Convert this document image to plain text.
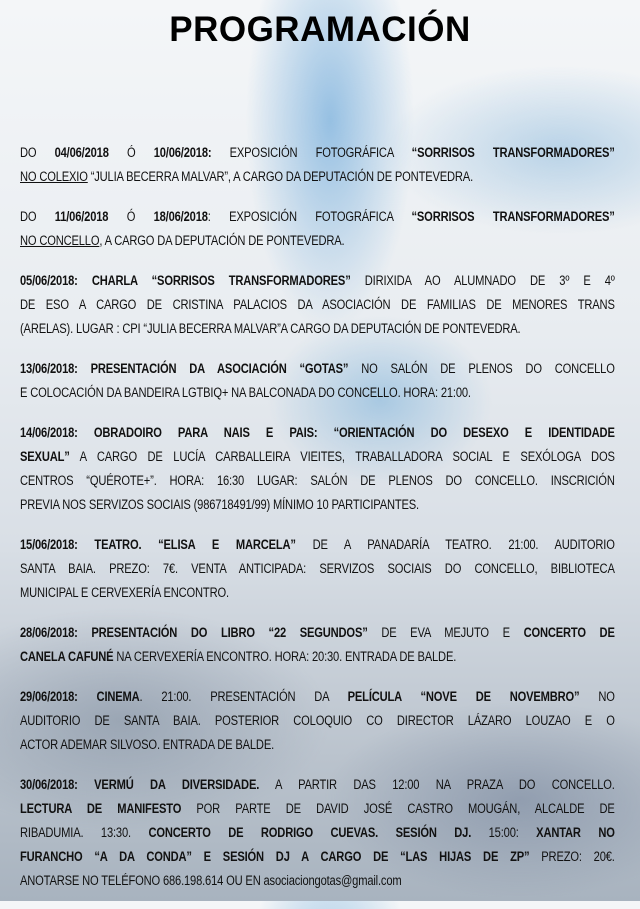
PROGRAMACIÓN
DO 04/06/2018 Ó 10/06/2018: EXPOSICIÓN FOTOGRÁFICA “SORRISOS TRANSFORMADORES”
NO COLEXIO “JULIA BECERRA MALVAR”, A CARGO DA DEPUTACIÓN DE PONTEVEDRA.
DO 11/06/2018 Ó 18/06/2018: EXPOSICIÓN FOTOGRÁFICA “SORRISOS TRANSFORMADORES”
NO CONCELLO, A CARGO DA DEPUTACIÓN DE PONTEVEDRA.
05/06/2018: CHARLA “SORRISOS TRANSFORMADORES” DIRIXIDA AO ALUMNADO DE 3º E 4º
DE ESO A CARGO DE CRISTINA PALACIOS DA ASOCIACIÓN DE FAMILIAS DE MENORES TRANS
(ARELAS). LUGAR : CPI “JULIA BECERRA MALVAR”A CARGO DA DEPUTACIÓN DE PONTEVEDRA.
13/06/2018: PRESENTACIÓN DA ASOCIACIÓN “GOTAS” NO SALÓN DE PLENOS DO CONCELLO
E COLOCACIÓN DA BANDEIRA LGTBIQ+ NA BALCONADA DO CONCELLO. HORA: 21:00.
14/06/2018: OBRADOIRO PARA NAIS E PAIS: “ORIENTACIÓN DO DESEXO E IDENTIDADE
SEXUAL” A CARGO DE LUCÍA CARBALLEIRA VIEITES, TRABALLADORA SOCIAL E SEXÓLOGA DOS
CENTROS “QUÉROTE+”. HORA: 16:30 LUGAR: SALÓN DE PLENOS DO CONCELLO. INSCRICIÓN
PREVIA NOS SERVIZOS SOCIAIS (986718491/99) MÍNIMO 10 PARTICIPANTES.
15/06/2018: TEATRO. “ELISA E MARCELA” DE A PANADARÍA TEATRO. 21:00. AUDITORIO
SANTA BAIA. PREZO: 7€. VENTA ANTICIPADA: SERVIZOS SOCIAIS DO CONCELLO, BIBLIOTECA
MUNICIPAL E CERVEXERÍA ENCONTRO.
28/06/2018: PRESENTACIÓN DO LIBRO “22 SEGUNDOS” DE EVA MEJUTO E CONCERTO DE
CANELA CAFUNÉ NA CERVEXERÍA ENCONTRO. HORA: 20:30. ENTRADA DE BALDE.
29/06/2018: CINEMA. 21:00. PRESENTACIÓN DA PELÍCULA “NOVE DE NOVEMBRO” NO
AUDITORIO DE SANTA BAIA. POSTERIOR COLOQUIO CO DIRECTOR LÁZARO LOUZAO E O
ACTOR ADEMAR SILVOSO. ENTRADA DE BALDE.
30/06/2018: VERMÚ DA DIVERSIDADE. A PARTIR DAS 12:00 NA PRAZA DO CONCELLO.
LECTURA DE MANIFESTO POR PARTE DE DAVID JOSÉ CASTRO MOUGÁN, ALCALDE DE
RIBADUMIA. 13:30. CONCERTO DE RODRIGO CUEVAS. SESIÓN DJ. 15:00: XANTAR NO
FURANCHO “A DA CONDA” E SESIÓN DJ A CARGO DE “LAS HIJAS DE ZP” PREZO: 20€.
ANOTARSE NO TELÉFONO 686.198.614 OU EN asociaciongotas@gmail.com
